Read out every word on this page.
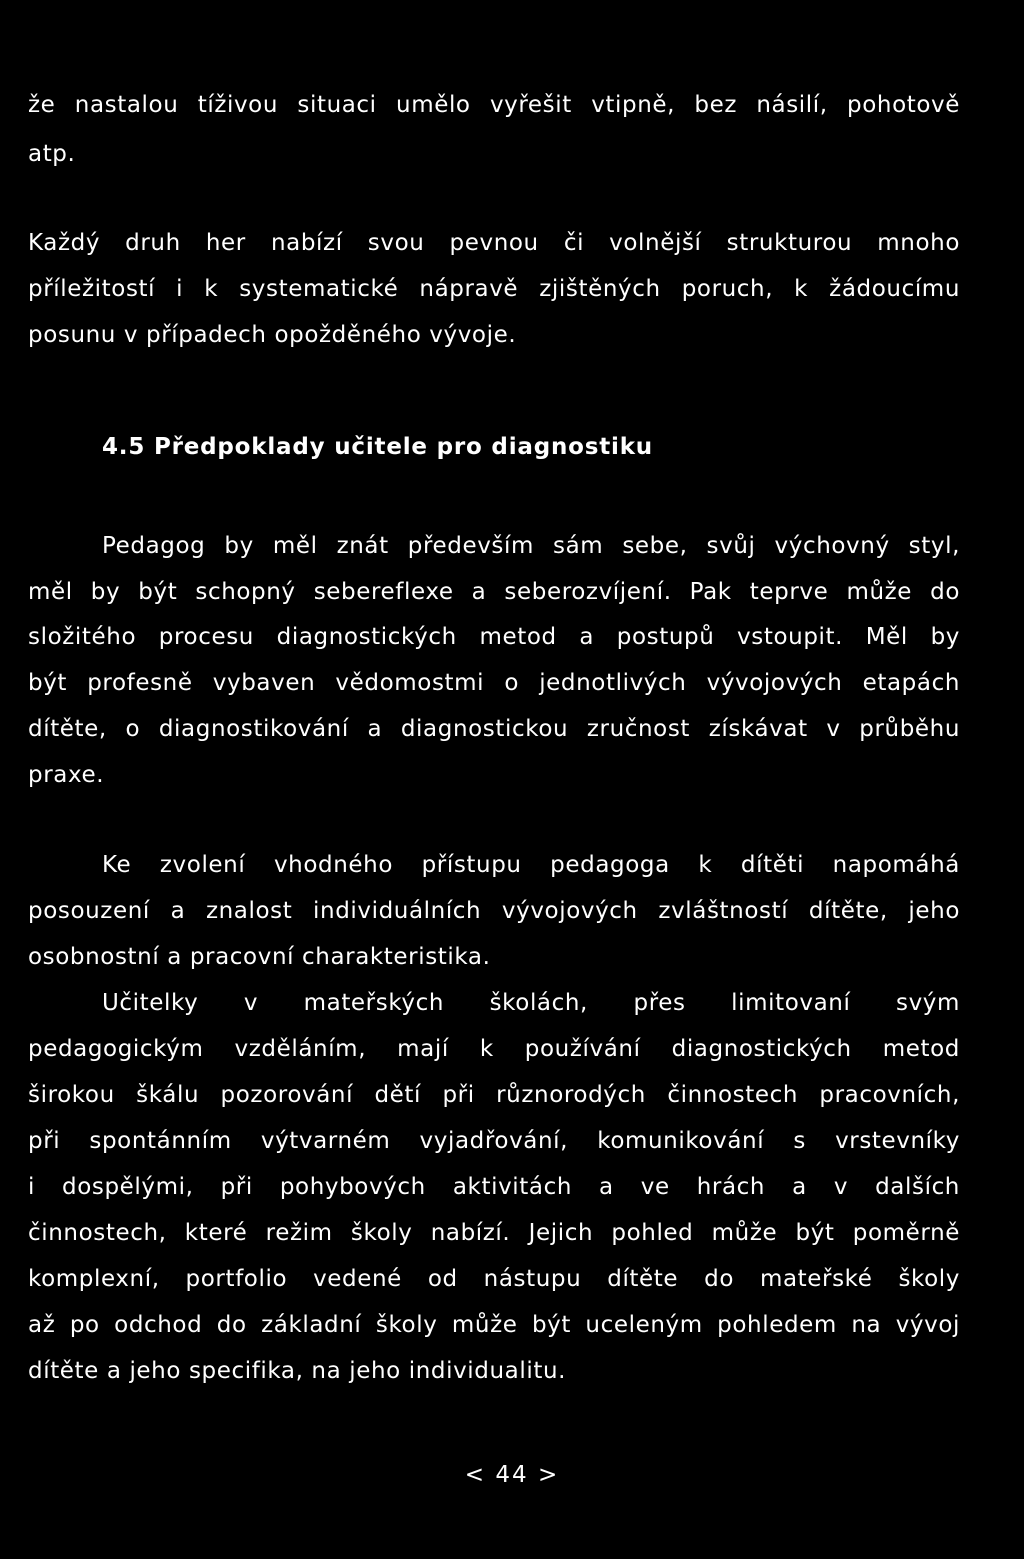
že nastalou tíživou situaci umělo vyřešit vtipně, bez násilí, pohotově
atp.
Každý druh her nabízí svou pevnou či volnější strukturou mnoho
příležitostí i k systematické nápravě zjištěných poruch, k žádoucímu
posunu v případech opožděného vývoje.
4.5 Předpoklady učitele pro diagnostiku
Pedagog by měl znát především sám sebe, svůj výchovný styl,
měl by být schopný sebereflexe a seberozvíjení. Pak teprve může do
složitého procesu diagnostických metod a postupů vstoupit. Měl by
být profesně vybaven vědomostmi o jednotlivých vývojových etapách
dítěte, o diagnostikování a diagnostickou zručnost získávat v průběhu
praxe.
Ke zvolení vhodného přístupu pedagoga k dítěti napomáhá
posouzení a znalost individuálních vývojových zvláštností dítěte, jeho
osobnostní a pracovní charakteristika.
Učitelky v mateřských školách, přes limitovaní svým
pedagogickým vzděláním, mají k používání diagnostických metod
širokou škálu pozorování dětí při různorodých činnostech pracovních,
při spontánním výtvarném vyjadřování, komunikování s vrstevníky
i dospělými, při pohybových aktivitách a ve hrách a v dalších
činnostech, které režim školy nabízí. Jejich pohled může být poměrně
komplexní, portfolio vedené od nástupu dítěte do mateřské školy
až po odchod do základní školy může být uceleným pohledem na vývoj
dítěte a jeho specifika, na jeho individualitu.
< 44 >
